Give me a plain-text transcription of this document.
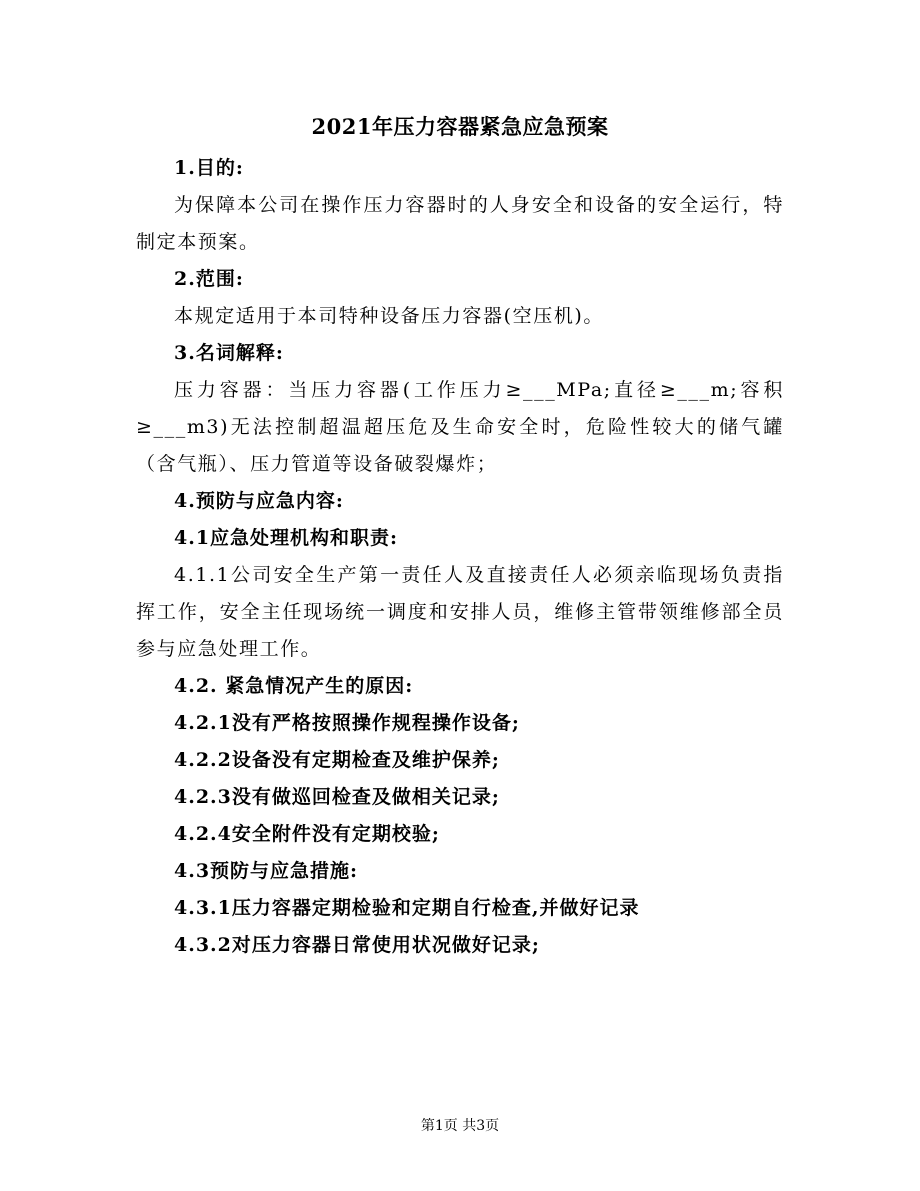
2021年压力容器紧急应急预案

1.目的:

为保障本公司在操作压力容器时的人身安全和设备的安全运行，特制定本预案。

2.范围:

本规定适用于本司特种设备压力容器(空压机)。

3.名词解释:

压力容器：当压力容器(工作压力≥___MPa;直径≥___m;容积≥___m3)无法控制超温超压危及生命安全时，危险性较大的储气罐（含气瓶）、压力管道等设备破裂爆炸；

4.预防与应急内容:

4.1应急处理机构和职责:

4.1.1公司安全生产第一责任人及直接责任人必须亲临现场负责指挥工作，安全主任现场统一调度和安排人员，维修主管带领维修部全员参与应急处理工作。

4.2. 紧急情况产生的原因:

4.2.1没有严格按照操作规程操作设备;

4.2.2设备没有定期检查及维护保养;

4.2.3没有做巡回检查及做相关记录;

4.2.4安全附件没有定期校验;

4.3预防与应急措施:

4.3.1压力容器定期检验和定期自行检查,并做好记录

4.3.2对压力容器日常使用状况做好记录;

第1页 共3页
